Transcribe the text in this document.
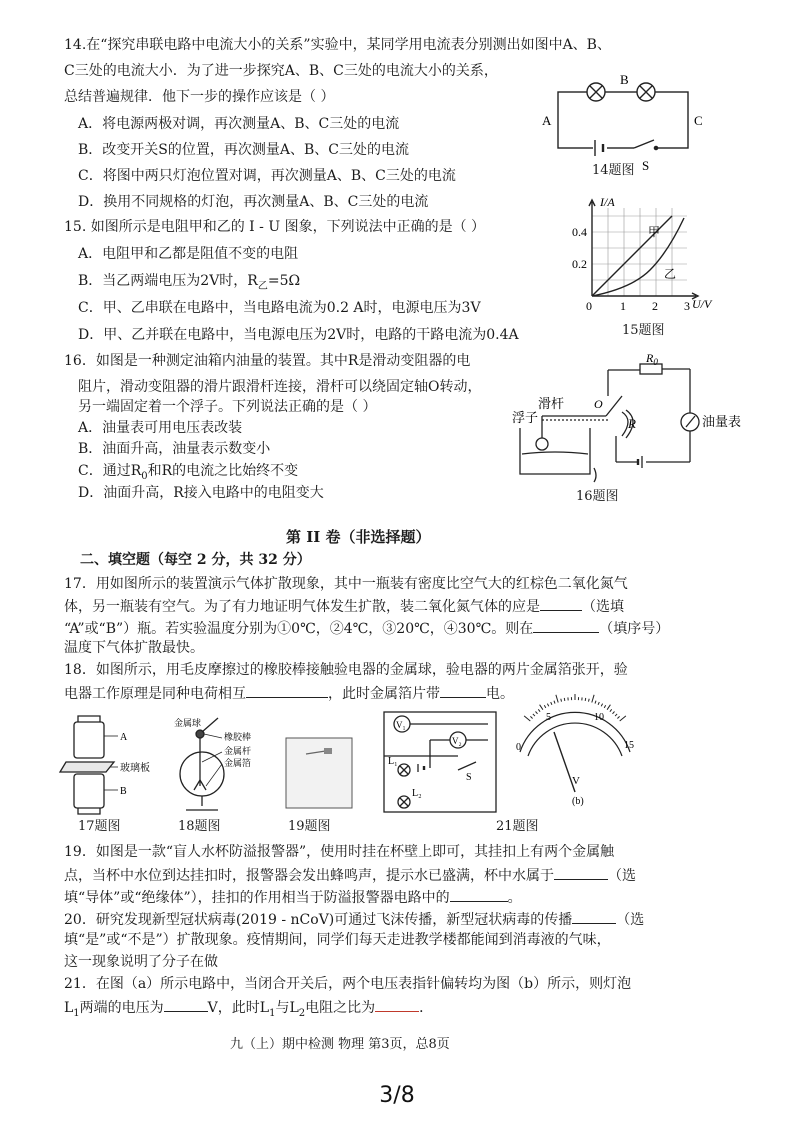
14.在“探究串联电路中电流大小的关系”实验中，某同学用电流表分别测出如图中A、B、
C三处的电流大小．为了进一步探究A、B、C三处的电流大小的关系，
总结普遍规律．他下一步的操作应该是（ ）
A．将电源两极对调，再次测量A、B、C三处的电流
B．改变开关S的位置，再次测量A、B、C三处的电流
C．将图中两只灯泡位置对调，再次测量A、B、C三处的电流
D．换用不同规格的灯泡，再次测量A、B、C三处的电流
B
A	C
S
14题图
15. 如图所示是电阻甲和乙的 I - U 图象，下列说法中正确的是（ ）
A．电阻甲和乙都是阻值不变的电阻
B．当乙两端电压为2V时，$R_乙=5\Omega$
C．甲、乙串联在电路中，当电路电流为0.2 A时，电源电压为3V
D．甲、乙并联在电路中，当电源电压为2V时，电路的干路电流为0.4A
I/A
0.4
0.2
0 1 2 3 U/V
甲
乙
15题图
16．如图是一种测定油箱内油量的装置。其中R是滑动变阻器的电
阻片，滑动变阻器的滑片跟滑杆连接，滑杆可以绕固定轴O转动，
另一端固定着一个浮子。下列说法正确的是（ ）
A．油量表可用电压表改装
B．油面升高，油量表示数变小
C．通过$R_0$和R的电流之比始终不变
D．油面升高，R接入电路中的电阻变大
$R_0$
滑杆 O
R
浮子	油量表
16题图
第 II 卷（非选择题）
二、填空题（每空 2 分，共 32 分）
17．用如图所示的装置演示气体扩散现象，其中一瓶装有密度比空气大的红棕色二氧化氮气
体，另一瓶装有空气。为了有力地证明气体发生扩散，装二氧化氮气体的应是	（选填
“A”或“B”）瓶。若实验温度分别为①0℃，②4℃，③20℃，④30℃。则在	（填序号）
温度下气体扩散最快。
18．如图所示，用毛皮摩擦过的橡胶棒接触验电器的金属球，验电器的两片金属箔张开，验
电器工作原理是同种电荷相互	，此时金属箔片带	电。
A
玻璃板
B
17题图
金属球
橡胶棒
金属杆
金属箔
18题图	19题图
V₁
V₂
L₁
L₂
S
21题图
0
5	10
15
V
(b)
19．如图是一款“盲人水杯防溢报警器”，使用时挂在杯壁上即可，其挂扣上有两个金属触
点，当杯中水位到达挂扣时，报警器会发出蜂鸣声，提示水已盛满，杯中水属于	（选
填“导体”或“绝缘体”），挂扣的作用相当于防溢报警器电路中的	。
20．研究发现新型冠状病毒(2019 - nCoV)可通过飞沫传播，新型冠状病毒的传播	（选
填“是”或“不是”）扩散现象。疫情期间，同学们每天走进教学楼都能闻到消毒液的气味，
这一现象说明了分子在做
21．在图（a）所示电路中，当闭合开关后，两个电压表指针偏转均为图（b）所示，则灯泡
$L_1$两端的电压为	V，此时$L_1$与$L_2$电阻之比为	．
九（上）期中检测 物理 第3页，总8页
3/8
